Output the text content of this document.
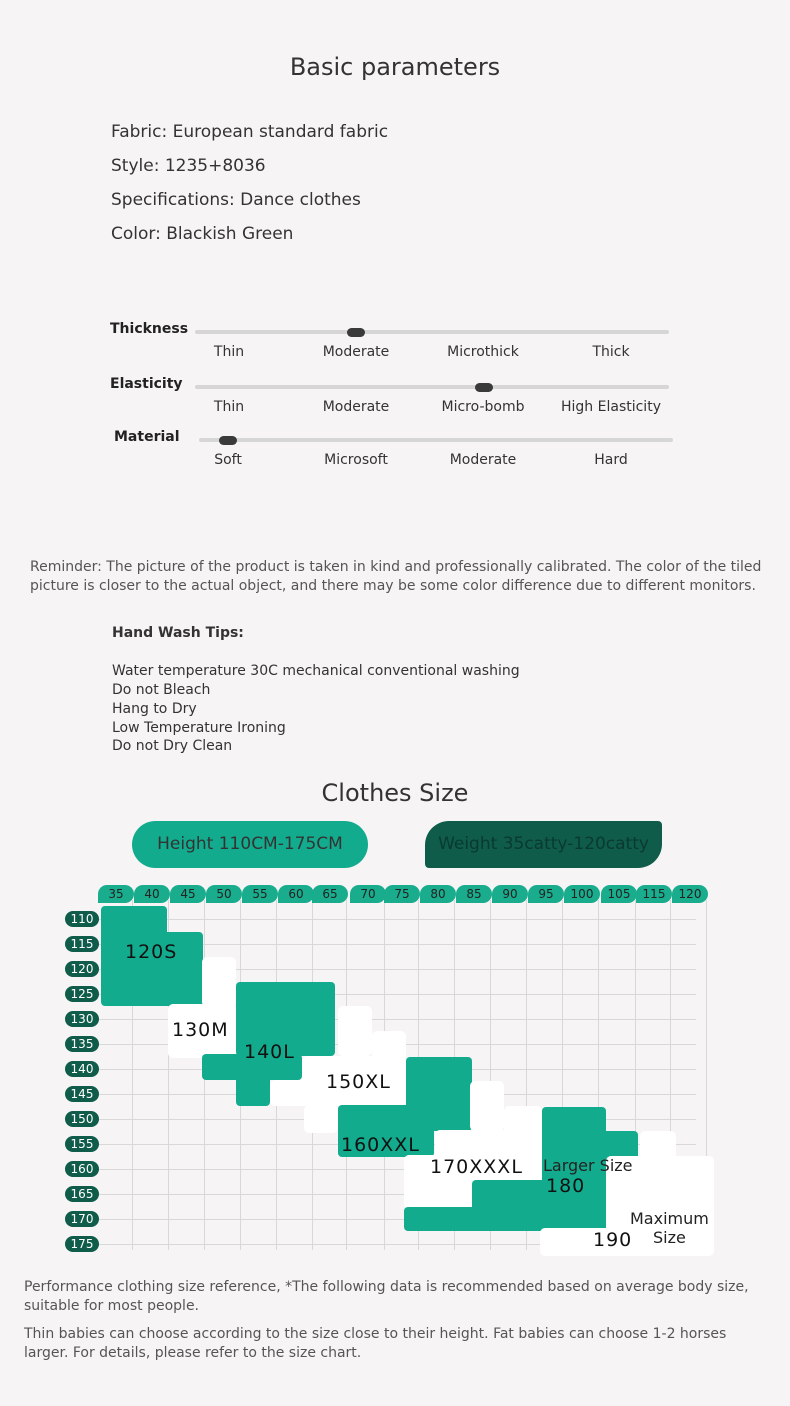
Basic parameters
Fabric: European standard fabric
Style: 1235+8036
Specifications: Dance clothes
Color: Blackish Green
Thickness
Thin	Moderate	Microthick	Thick
Elasticity
Thin	Moderate	Micro-bomb	High Elasticity
Material
Soft	Microsoft	Moderate	Hard
Reminder: The picture of the product is taken in kind and professionally calibrated. The color of the tiled picture is closer to the actual object, and there may be some color difference due to different monitors.
Hand Wash Tips:
Water temperature 30C mechanical conventional washing
Do not Bleach
Hang to Dry
Low Temperature Ironing
Do not Dry Clean
Clothes Size
Height 110CM-175CM	Weight 35catty-120catty
120S
130M
140L
150XL
160XXL
170XXXL Larger Size
180
190
Maximum
Size
Performance clothing size reference, *The following data is recommended based on average body size, suitable for most people.
Thin babies can choose according to the size close to their height. Fat babies can choose 1-2 horses larger. For details, please refer to the size chart.
35	40	45	50	55	60	65	70	75	80	85	90	95	100	105	115	120
110
115
120
125
130
135
140
145
150
155
160
165
170
175
